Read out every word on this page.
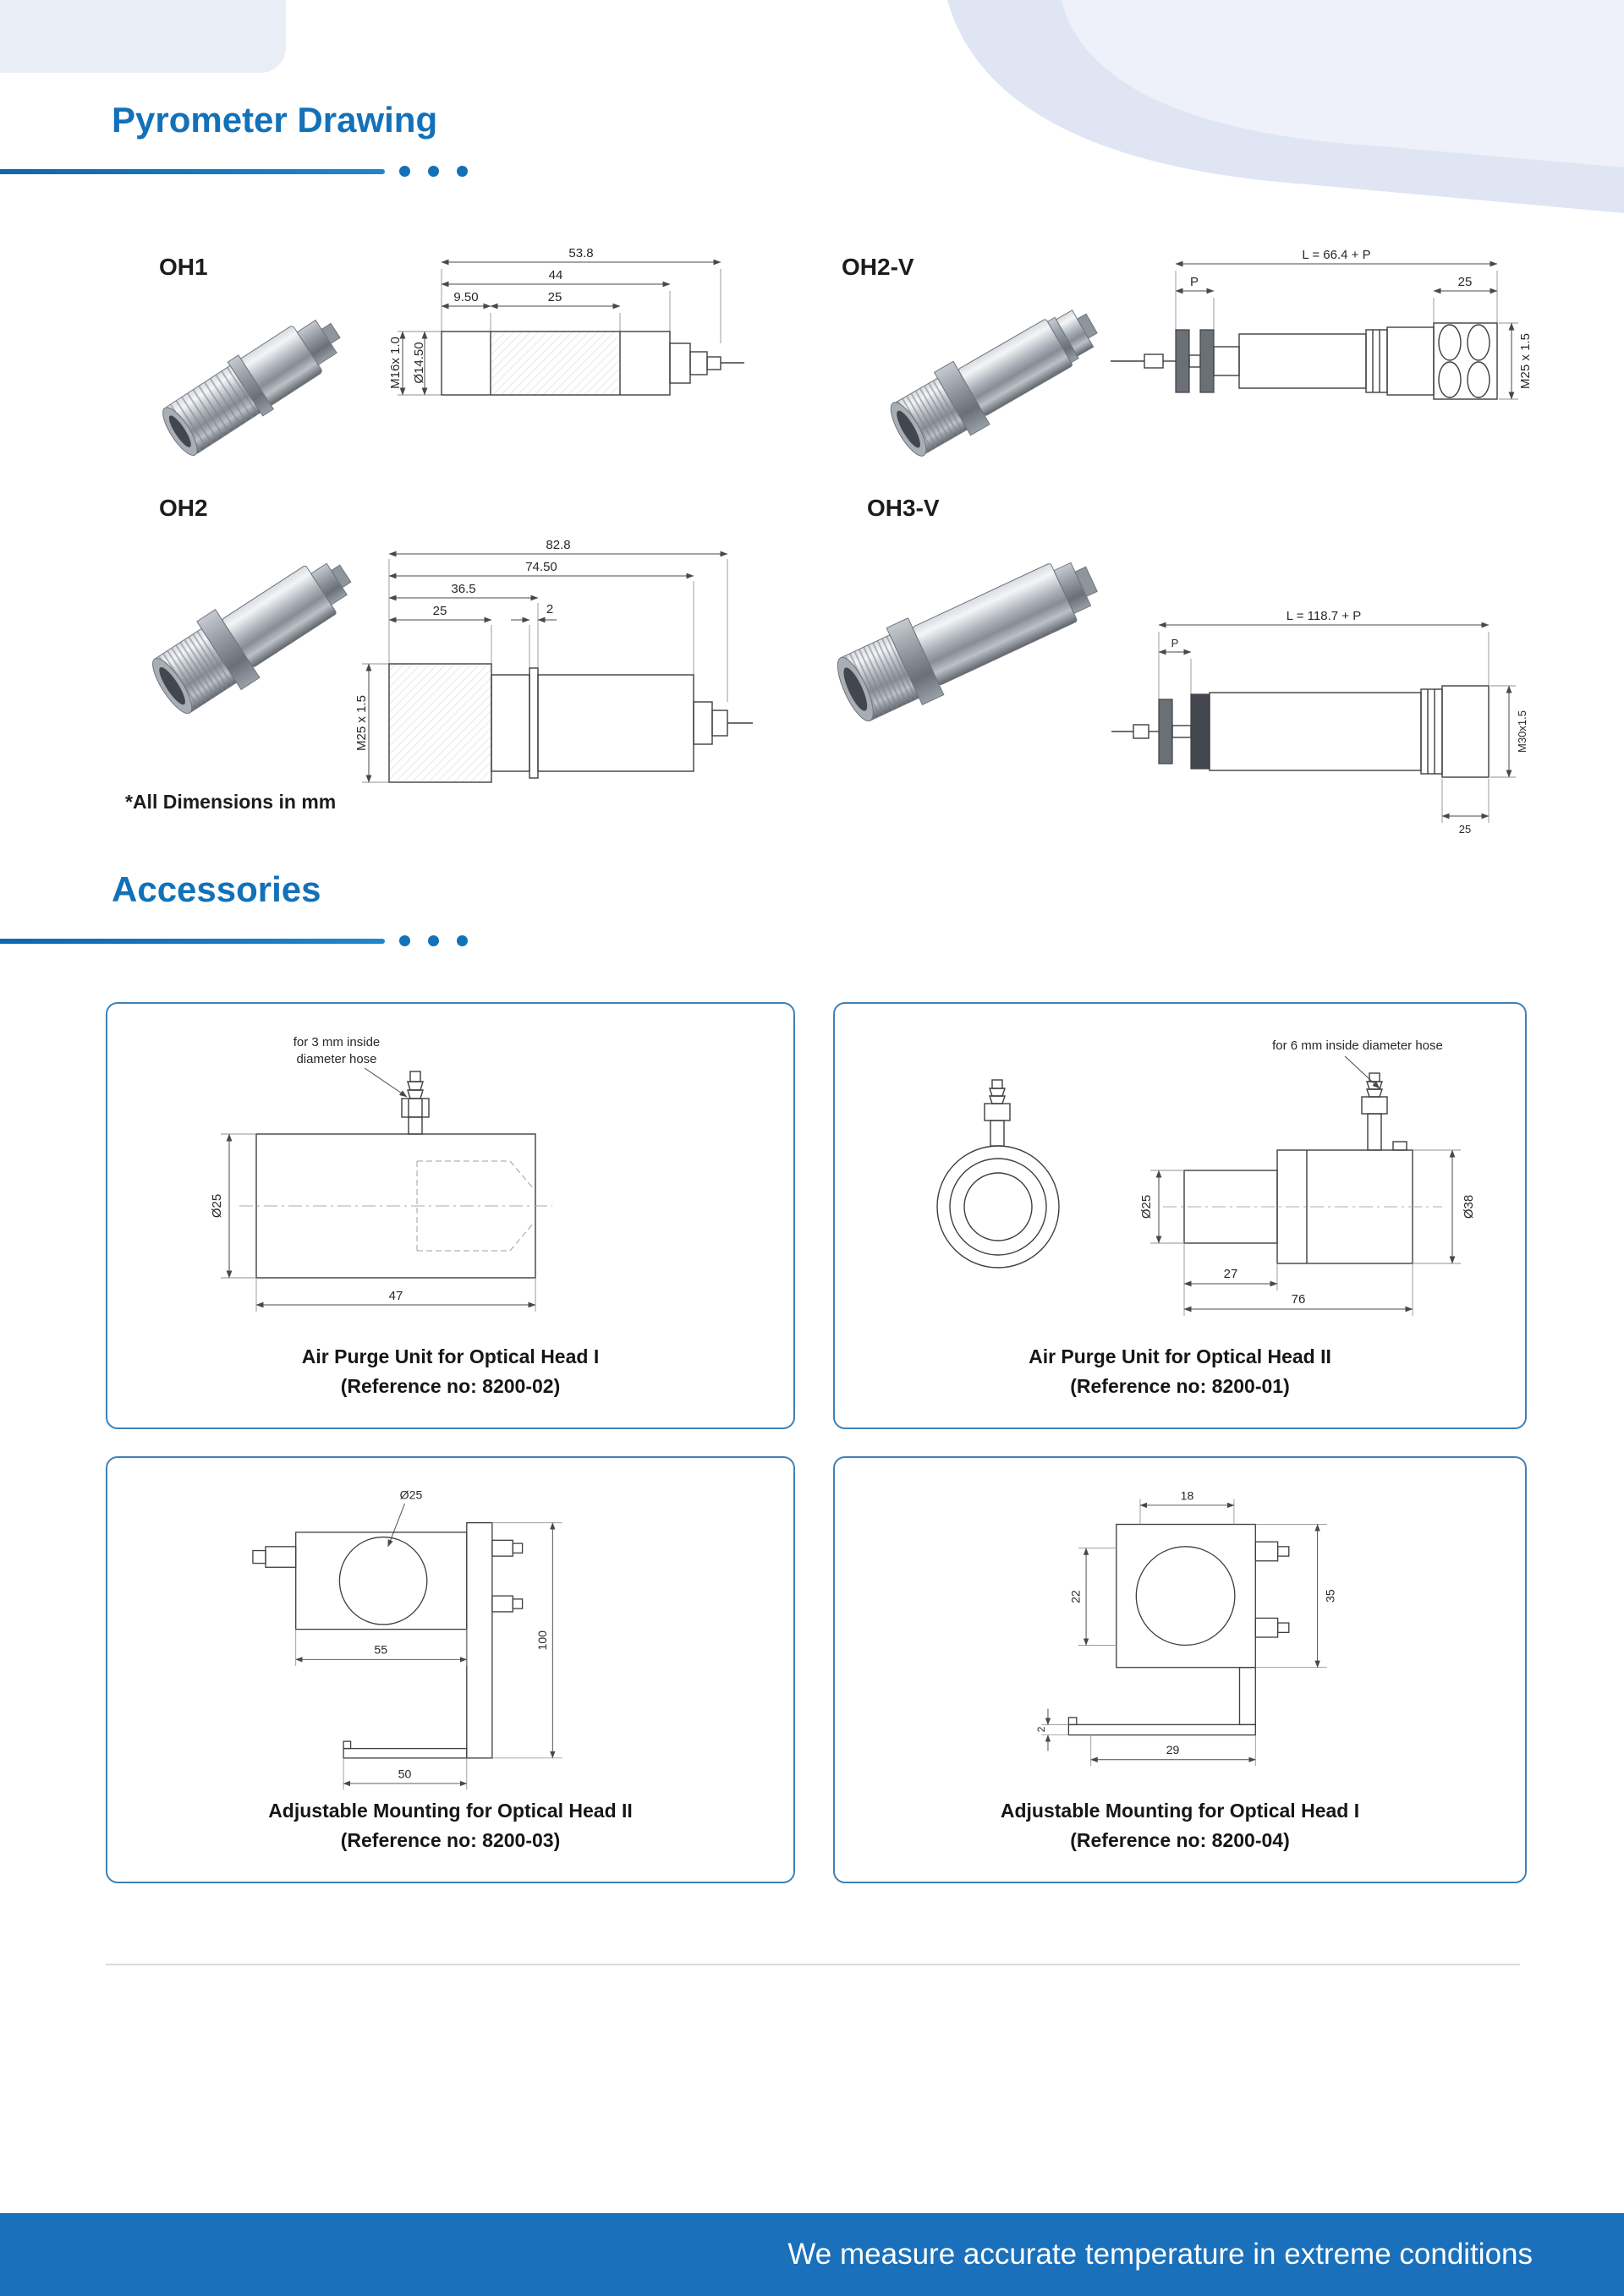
Pyrometer Drawing
OH1
53.8
44
9.50	25
Ø14.50
M16x 1.0
OH2-V	L = 66.4 + P
P	25
M25 x 1.5
OH2
82.8
74.50
36.5
25	2
M25 x 1.5
OH3-V
L = 118.7 + P
P
M30x1.5
25
*All Dimensions in mm
Accessories
for 3 mm inside
diameter hose
Ø25
47

Air Purge Unit for Optical Head I

(Reference no: 8200-02)

for 6 mm inside diameter hose
Ø25	Ø38
27
76

Air Purge Unit for Optical Head II

(Reference no: 8200-01)

Ø25
55	100
50

Adjustable Mounting for Optical Head II

(Reference no: 8200-03)

18
22	35
29
2

Adjustable Mounting for Optical Head I

(Reference no: 8200-04)

We measure accurate temperature in extreme conditions
